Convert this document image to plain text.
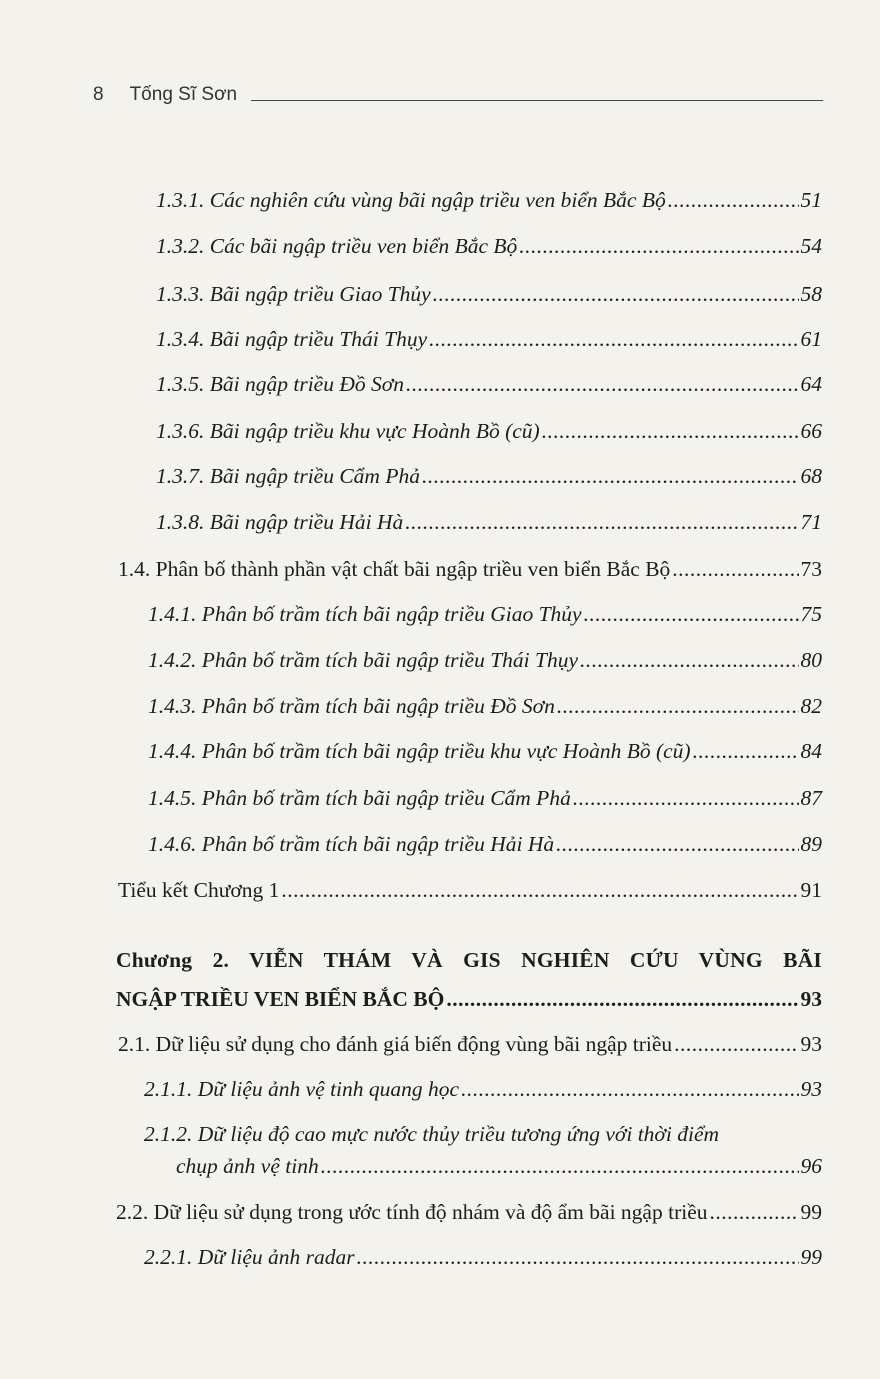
8 Tống Sĩ Sơn
1.3.1. Các nghiên cứu vùng bãi ngập triều ven biển Bắc Bộ .....	51
1.3.2. Các bãi ngập triều ven biển Bắc Bộ .....	54
1.3.3. Bãi ngập triều Giao Thủy .....	58
1.3.4. Bãi ngập triều Thái Thụy .....	61
1.3.5. Bãi ngập triều Đồ Sơn .....	64
1.3.6. Bãi ngập triều khu vực Hoành Bồ (cũ) .....	66
1.3.7. Bãi ngập triều Cẩm Phả .....	68
1.3.8. Bãi ngập triều Hải Hà .....	71
1.4. Phân bố thành phần vật chất bãi ngập triều ven biển Bắc Bộ .....	73
1.4.1. Phân bố trầm tích bãi ngập triều Giao Thủy .....	75
1.4.2. Phân bố trầm tích bãi ngập triều Thái Thụy .....	80
1.4.3. Phân bố trầm tích bãi ngập triều Đồ Sơn .....	82
1.4.4. Phân bố trầm tích bãi ngập triều khu vực Hoành Bồ (cũ) .....	84
1.4.5. Phân bố trầm tích bãi ngập triều Cẩm Phả .....	87
1.4.6. Phân bố trầm tích bãi ngập triều Hải Hà .....	89
Tiểu kết Chương 1 .....	91
Chương 2. VIỄN THÁM VÀ GIS NGHIÊN CỨU VÙNG BÃI
NGẬP TRIỀU VEN BIỂN BẮC BỘ .....	93
2.1. Dữ liệu sử dụng cho đánh giá biến động vùng bãi ngập triều .....	93
2.1.1. Dữ liệu ảnh vệ tinh quang học .....	93
2.1.2. Dữ liệu độ cao mực nước thủy triều tương ứng với thời điểm
chụp ảnh vệ tinh .....	96
2.2. Dữ liệu sử dụng trong ước tính độ nhám và độ ẩm bãi ngập triều .....	99
2.2.1. Dữ liệu ảnh radar .....	99
